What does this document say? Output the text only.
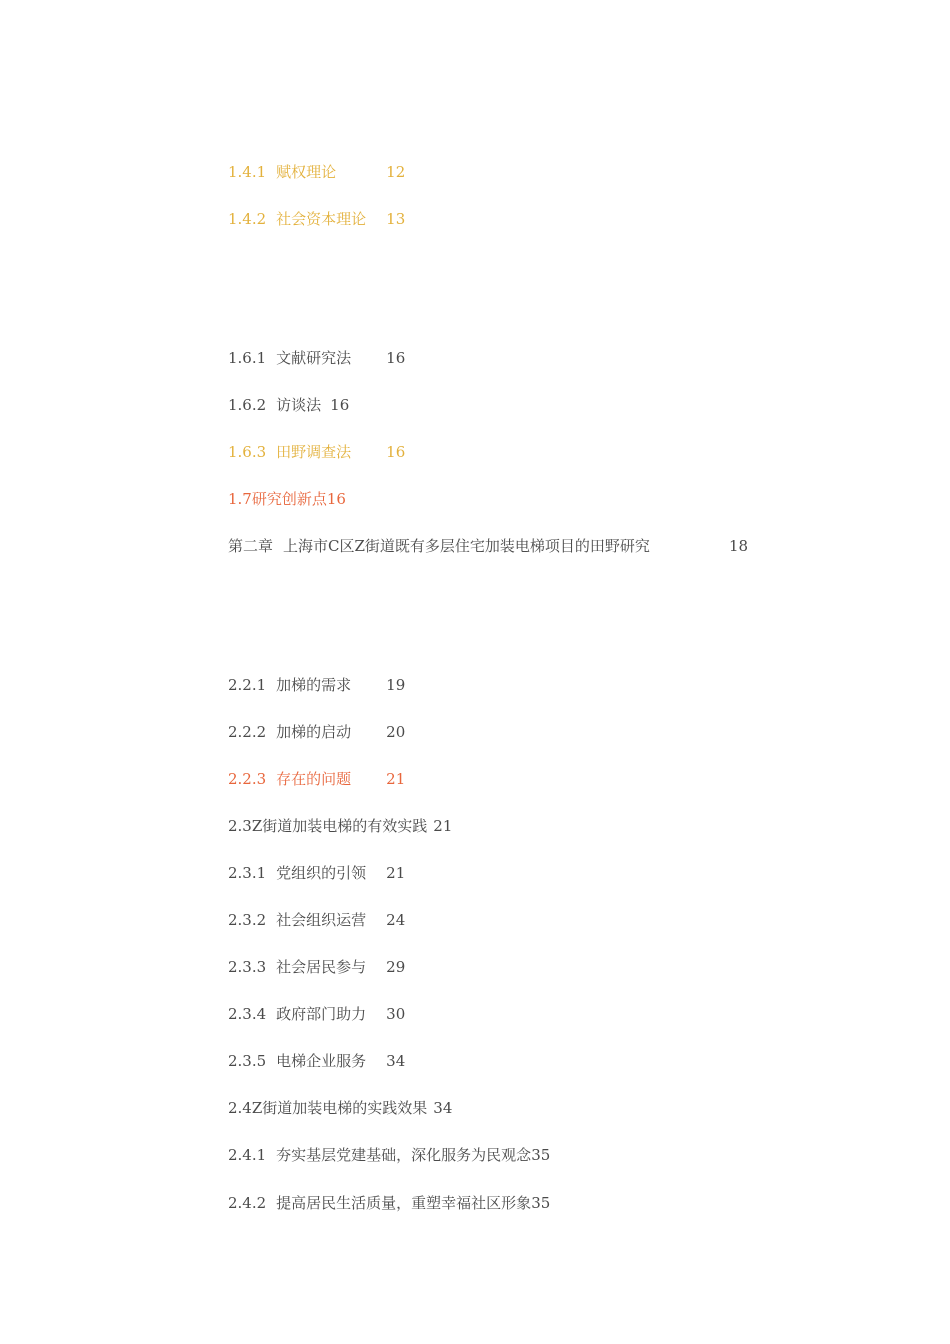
1.4.1 赋权理论	12
1.4.2 社会资本理论 13
1.6.1 文献研究法 16
1.6.2 访谈法 16
1.6.3 田野调查法 16
1.7研究创新点16
第二章 上海市C区Z街道既有多层住宅加装电梯项目的田野研究	18
2.2.1 加梯的需求 19
2.2.2 加梯的启动 20
2.2.3 存在的问题 21
2.3Z街道加装电梯的有效实践 21
2.3.1 党组织的引领 21
2.3.2 社会组织运营 24
2.3.3 社会居民参与 29
2.3.4 政府部门助力 30
2.3.5 电梯企业服务 34
2.4Z街道加装电梯的实践效果 34
2.4.1 夯实基层党建基础，深化服务为民观念35
2.4.2 提高居民生活质量，重塑幸福社区形象35
